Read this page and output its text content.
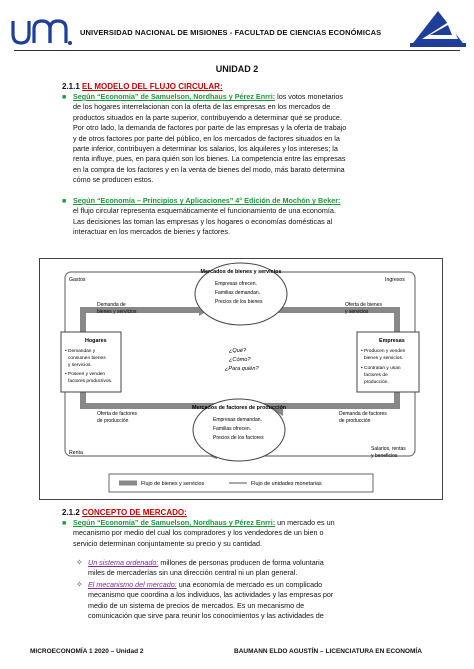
UNIVERSIDAD NACIONAL DE MISIONES - FACULTAD DE CIENCIAS ECONÓMICAS
UNIDAD 2
2.1.1 EL MODELO DEL FLUJO CIRCULAR:
■ Según “Economía” de Samuelson, Nordhaus y Pérez Enrri: los votos monetarios
de los hogares interrelacionan con la oferta de las empresas en los mercados de
productos situados en la parte superior, contribuyendo a determinar qué se produce.
Por otro lado, la demanda de factores por parte de las empresas y la oferta de trabajo
y de otros factores por parte del público, en los mercados de factores situados en la
parte inferior, contribuyen a determinar los salarios, los alquileres y los intereses; la
renta influye, pues, en para quién son los bienes. La competencia entre las empresas
en la compra de los factores y en la venta de bienes del modo, más barato determina
cómo se producen estos.
■ Según “Economía – Principios y Aplicaciones” 4° Edición de Mochón y Beker:
el flujo circular representa esquemáticamente el funcionamiento de una economía.
Las decisiones las toman las empresas y los hogares o economías domésticas al
interactuar en los mercados de bienes y factores.
Mercados de bienes y servicios
Empresas ofrecen.
Familias demandan.
Precios de los bienes
Mercados de factores de producción
Empresas demandan.
Familias ofrecen.
Precios de los factores
Hogares
• Demandan y
consumen bienes
y servicios.
• Poseen y venden
factores productivos.
Empresas
• Producen y venden
bienes y servicios.
• Contratan y usan
factores de
producción.
Gastos	Ingresos
Renta
Salarios, rentas
y beneficios
Demanda de
bienes y servicios
Oferta de bienes
y servicios
Oferta de factores
de producción
Demanda de factores
de producción
¿Qué?
¿Cómo?
¿Para quién?
Flujo de bienes y servicios	Flujo de unidades monetarias
2.1.2 CONCEPTO DE MERCADO:
■ Según “Economía” de Samuelson, Nordhaus y Pérez Enrri: un mercado es un
mecanismo por medio del cual los compradores y los vendedores de un bien o
servicio determinan conjuntamente su precio y su cantidad.
✧ Un sistema ordenado: millones de personas producen de forma voluntaria
miles de mercaderías sin una dirección central ni un plan general.
✧ El mecanismo del mercado: una economía de mercado es un complicado
mecanismo que coordina a los individuos, las actividades y las empresas por
medio de un sistema de precios de mercados. Es un mecanismo de
comunicación que sirve para reunir los conocimientos y las actividades de
MICROECONOMÍA 1 2020 – Unidad 2	BAUMANN ELDO AGUSTÍN – LICENCIATURA EN ECONOMÍA
